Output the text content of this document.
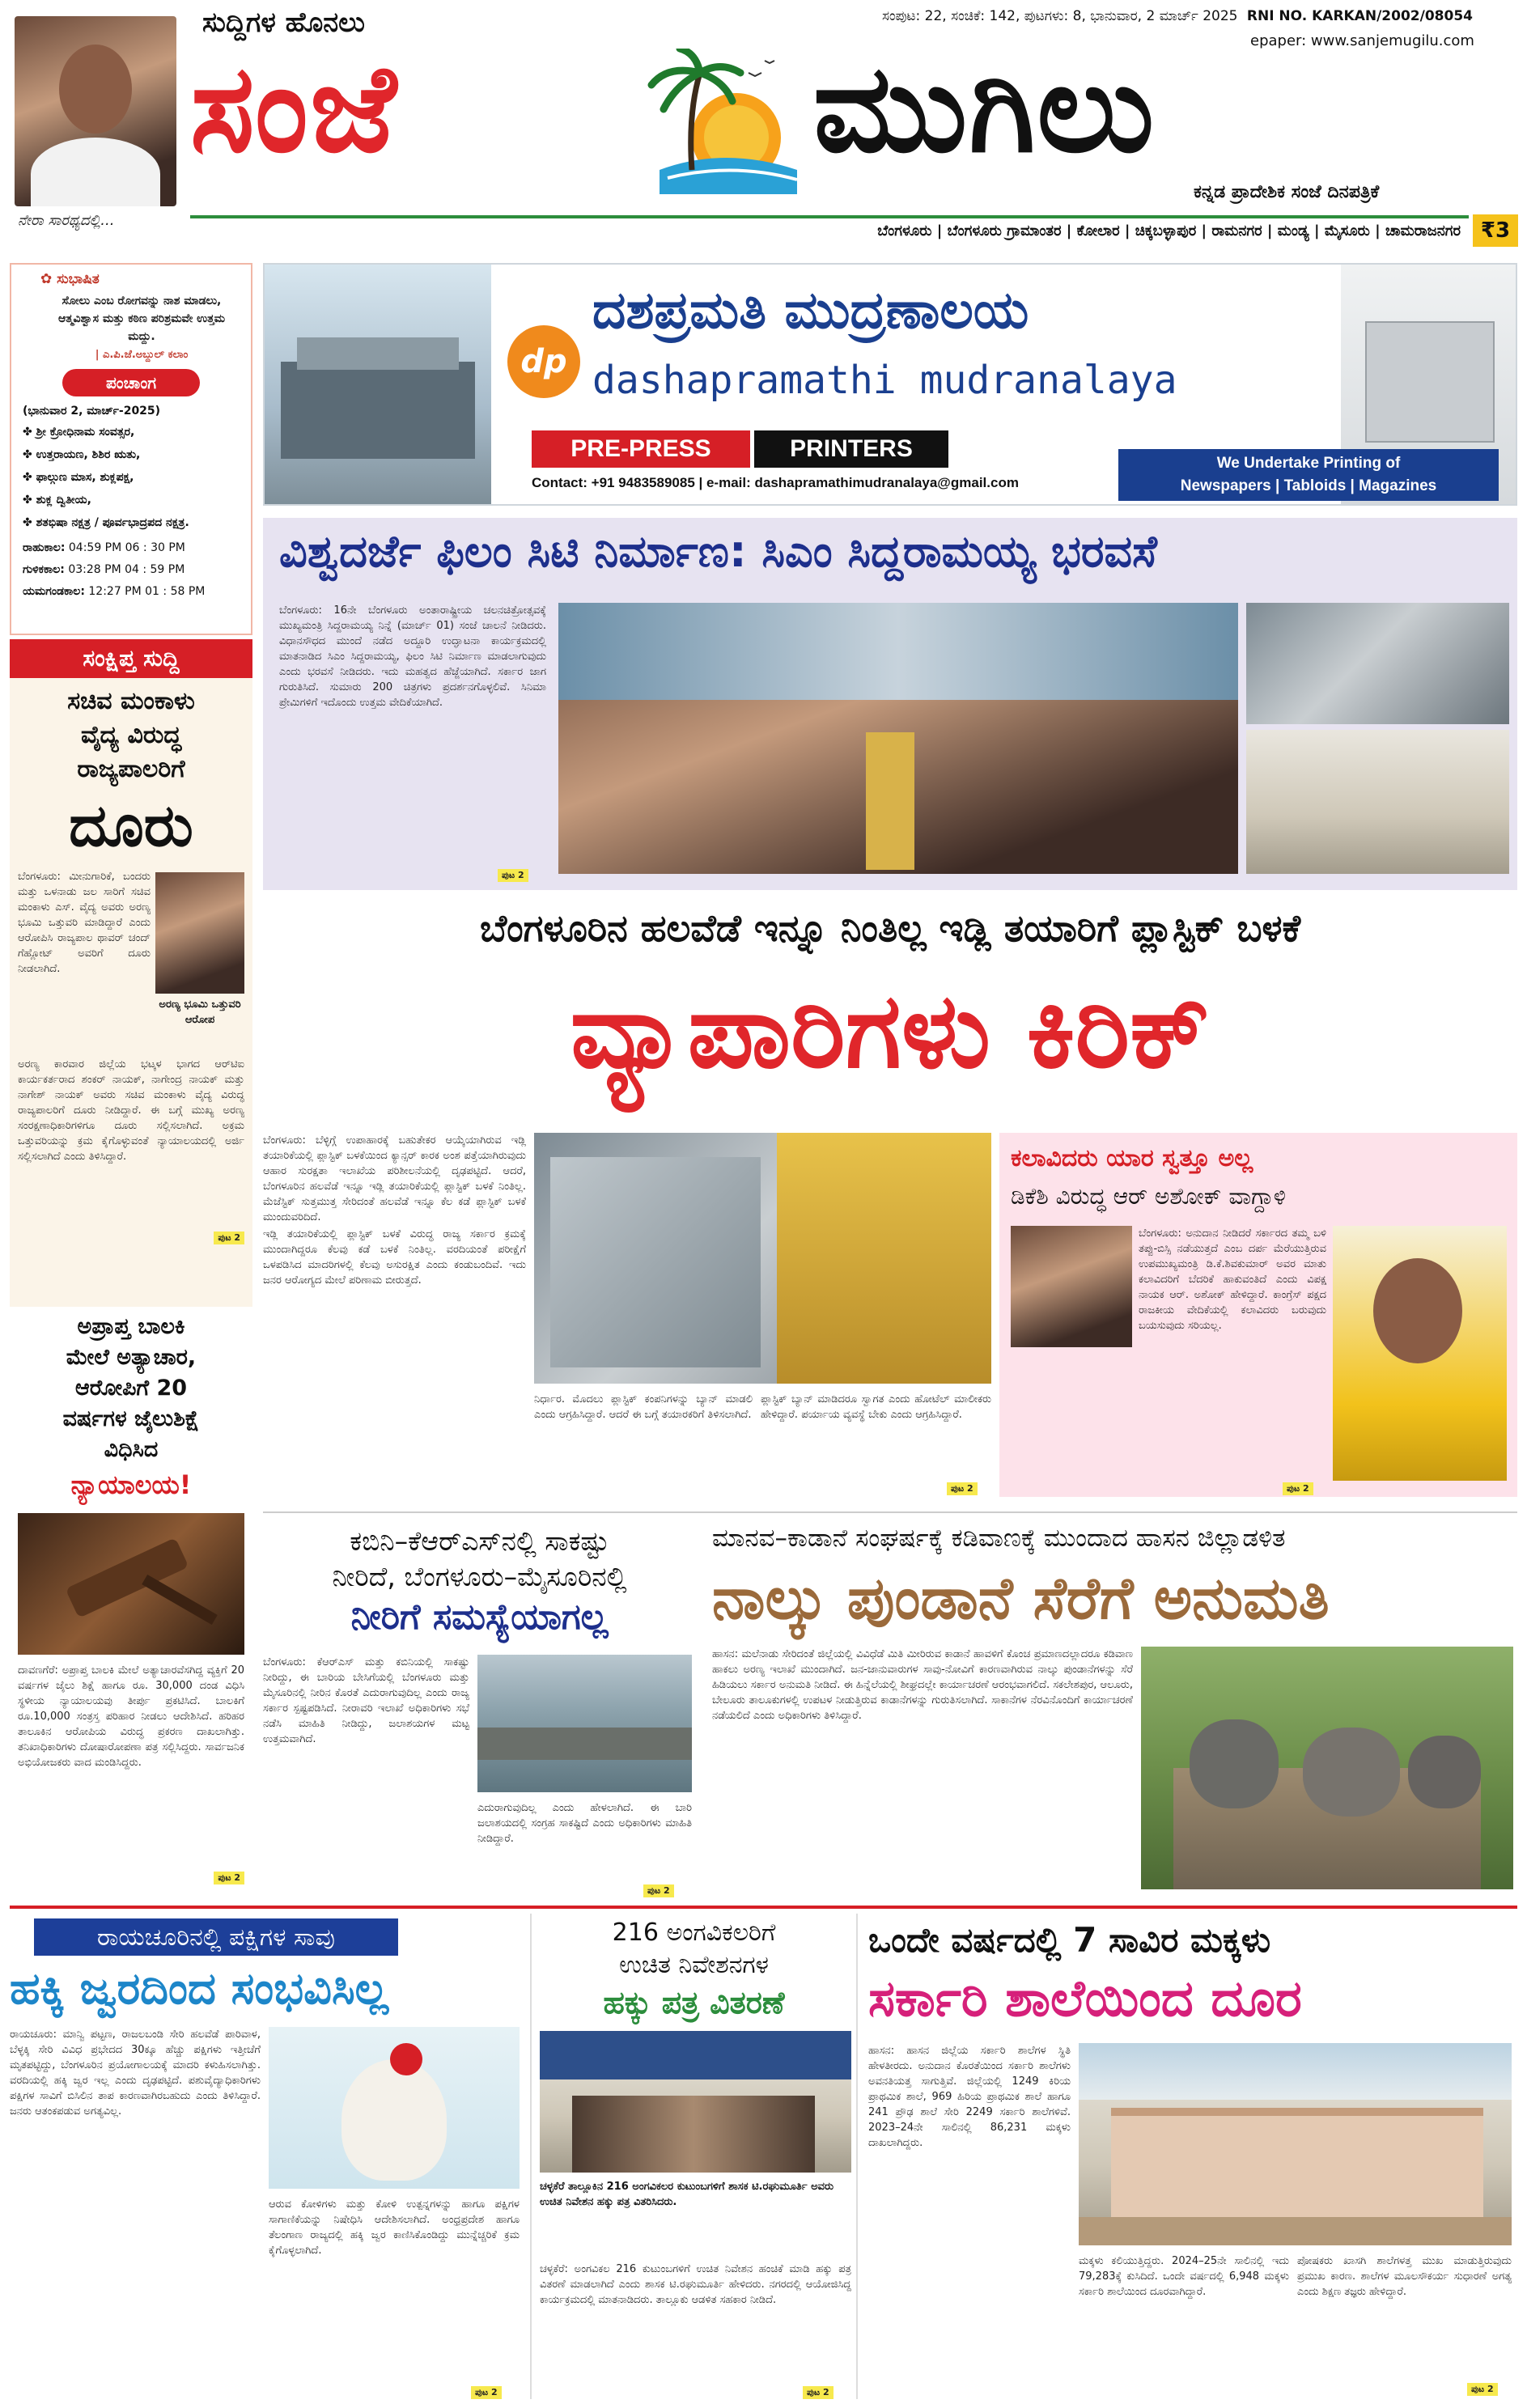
ನೇರಾ ಸಾರಥ್ಯದಲ್ಲಿ...
ಸುದ್ದಿಗಳ ಹೊನಲು
ಸಂಜೆ	ಮುಗಿಲು
ಸಂಪುಟ: 22, ಸಂಚಿಕೆ: 142, ಪುಟಗಳು: 8, ಭಾನುವಾರ, 2 ಮಾರ್ಚ್ 2025 RNI NO. KARKAN/2002/08054
epaper: www.sanjemugilu.com
ಕನ್ನಡ ಪ್ರಾದೇಶಿಕ ಸಂಜೆ ದಿನಪತ್ರಿಕೆ
ಬೆಂಗಳೂರು | ಬೆಂಗಳೂರು ಗ್ರಾಮಾಂತರ | ಕೋಲಾರ | ಚಿಕ್ಕಬಳ್ಳಾಪುರ | ರಾಮನಗರ | ಮಂಡ್ಯ | ಮೈಸೂರು | ಚಾಮರಾಜನಗರ ₹3
✿ ಸುಭಾಷಿತ
ಸೋಲು ಎಂಬ ರೋಗವನ್ನು ನಾಶ ಮಾಡಲು, ಆತ್ಮವಿಶ್ವಾಸ ಮತ್ತು ಕಠಿಣ ಪರಿಶ್ರಮವೇ ಉತ್ತಮ ಮದ್ದು.
| ಎ.ಪಿ.ಜೆ.ಅಬ್ದುಲ್ ಕಲಾಂ
ಪಂಚಾಂಗ
(ಭಾನುವಾರ 2, ಮಾರ್ಚ್-2025)
✤ ಶ್ರೀ ಕ್ರೋಧಿನಾಮ ಸಂವತ್ಸರ,
✤ ಉತ್ತರಾಯಣ, ಶಿಶಿರ ಋತು,
✤ ಫಾಲ್ಗುಣ ಮಾಸ, ಶುಕ್ಲಪಕ್ಷ,
✤ ಶುಕ್ಲ ದ್ವಿತೀಯ,
✤ ಶತಭಿಷಾ ನಕ್ಷತ್ರ / ಪೂರ್ವಭಾದ್ರಪದ ನಕ್ಷತ್ರ.
ರಾಹುಕಾಲ: 04:59 PM 06 : 30 PM
ಗುಳಿಕಕಾಲ: 03:28 PM 04 : 59 PM
ಯಮಗಂಡಕಾಲ: 12:27 PM 01 : 58 PM
ಸಂಕ್ಷಿಪ್ತ ಸುದ್ದಿ
ಸಚಿವ ಮಂಕಾಳು
ವೈದ್ಯ ವಿರುದ್ಧ
ರಾಜ್ಯಪಾಲರಿಗೆ
ದೂರು

ಬೆಂಗಳೂರು: ಮೀನುಗಾರಿಕೆ, ಬಂದರು ಮತ್ತು ಒಳನಾಡು ಜಲ ಸಾರಿಗೆ ಸಚಿವ ಮಂಕಾಳು ಎಸ್. ವೈದ್ಯ ಅವರು ಅರಣ್ಯ ಭೂಮಿ ಒತ್ತುವರಿ ಮಾಡಿದ್ದಾರೆ ಎಂದು ಆರೋಪಿಸಿ ರಾಜ್ಯಪಾಲ ಥಾವರ್ ಚಂದ್ ಗೆಹ್ಲೋಟ್ ಅವರಿಗೆ ದೂರು ನೀಡಲಾಗಿದೆ.

ಅರಣ್ಯ ಭೂಮಿ ಒತ್ತುವರಿ ಆರೋಪ
ಅರಣ್ಯ ಕಾರವಾರ ಜಿಲ್ಲೆಯ ಭಟ್ಕಳ ಭಾಗದ ಆರ್‌ಟಿಐ ಕಾರ್ಯಕರ್ತರಾದ ಶಂಕರ್ ನಾಯಕ್, ನಾಗೇಂದ್ರ ನಾಯಕ್ ಮತ್ತು ನಾಗೇಶ್ ನಾಯಕ್ ಅವರು ಸಚಿವ ಮಂಕಾಳು ವೈದ್ಯ ವಿರುದ್ಧ ರಾಜ್ಯಪಾಲರಿಗೆ ದೂರು ನೀಡಿದ್ದಾರೆ. ಈ ಬಗ್ಗೆ ಮುಖ್ಯ ಅರಣ್ಯ ಸಂರಕ್ಷಣಾಧಿಕಾರಿಗಳಿಗೂ ದೂರು ಸಲ್ಲಿಸಲಾಗಿದೆ. ಅಕ್ರಮ ಒತ್ತುವರಿಯನ್ನು ಕ್ರಮ ಕೈಗೊಳ್ಳುವಂತೆ ನ್ಯಾಯಾಲಯದಲ್ಲಿ ಅರ್ಜಿ ಸಲ್ಲಿಸಲಾಗಿದೆ ಎಂದು ತಿಳಿಸಿದ್ದಾರೆ.
ಪುಟ 2
ಅಪ್ರಾಪ್ತ ಬಾಲಕಿ
ಮೇಲೆ ಅತ್ಯಾಚಾರ,
ಆರೋಪಿಗೆ 20
ವರ್ಷಗಳ ಜೈಲುಶಿಕ್ಷೆ
ವಿಧಿಸಿದ
ನ್ಯಾಯಾಲಯ!
ದಾವಣಗೆರೆ: ಅಪ್ರಾಪ್ತ ಬಾಲಕಿ ಮೇಲೆ ಅತ್ಯಾಚಾರವೆಸಗಿದ್ದ ವ್ಯಕ್ತಿಗೆ 20 ವರ್ಷಗಳ ಜೈಲು ಶಿಕ್ಷೆ ಹಾಗೂ ರೂ. 30,000 ದಂಡ ವಿಧಿಸಿ ಸ್ಥಳೀಯ ನ್ಯಾಯಾಲಯವು ತೀರ್ಪು ಪ್ರಕಟಿಸಿದೆ. ಬಾಲಕಿಗೆ ರೂ.10,000 ಸಂತ್ರಸ್ತ ಪರಿಹಾರ ನೀಡಲು ಆದೇಶಿಸಿದೆ. ಹರಿಹರ ತಾಲೂಕಿನ ಆರೋಪಿಯ ವಿರುದ್ಧ ಪ್ರಕರಣ ದಾಖಲಾಗಿತ್ತು. ತನಿಖಾಧಿಕಾರಿಗಳು ದೋಷಾರೋಪಣಾ ಪತ್ರ ಸಲ್ಲಿಸಿದ್ದರು. ಸಾರ್ವಜನಿಕ ಅಭಿಯೋಜಕರು ವಾದ ಮಂಡಿಸಿದ್ದರು.
ಪುಟ 2
dp
ದಶಪ್ರಮತಿ ಮುದ್ರಣಾಲಯ
dashapramathi mudranalaya
PRE-PRESS	PRINTERS
Contact: +91 9483589085 | e-mail: dashapramathimudranalaya@gmail.com
We Undertake Printing of
Newspapers | Tabloids | Magazines
ವಿಶ್ವದರ್ಜೆ ಫಿಲಂ ಸಿಟಿ ನಿರ್ಮಾಣ: ಸಿಎಂ ಸಿದ್ದರಾಮಯ್ಯ ಭರವಸೆ
ಬೆಂಗಳೂರು: 16ನೇ ಬೆಂಗಳೂರು ಅಂತಾರಾಷ್ಟ್ರೀಯ ಚಲನಚಿತ್ರೋತ್ಸವಕ್ಕೆ ಮುಖ್ಯಮಂತ್ರಿ ಸಿದ್ದರಾಮಯ್ಯ ನಿನ್ನೆ (ಮಾರ್ಚ್ 01) ಸಂಜೆ ಚಾಲನೆ ನೀಡಿದರು. ವಿಧಾನಸೌಧದ ಮುಂದೆ ನಡೆದ ಅದ್ದೂರಿ ಉದ್ಘಾಟನಾ ಕಾರ್ಯಕ್ರಮದಲ್ಲಿ ಮಾತನಾಡಿದ ಸಿಎಂ ಸಿದ್ದರಾಮಯ್ಯ, ಫಿಲಂ ಸಿಟಿ ನಿರ್ಮಾಣ ಮಾಡಲಾಗುವುದು ಎಂದು ಭರವಸೆ ನೀಡಿದರು. ಇದು ಮಹತ್ವದ ಹೆಜ್ಜೆಯಾಗಿದೆ. ಸರ್ಕಾರ ಜಾಗ ಗುರುತಿಸಿದೆ. ಸುಮಾರು 200 ಚಿತ್ರಗಳು ಪ್ರದರ್ಶನಗೊಳ್ಳಲಿವೆ. ಸಿನಿಮಾ ಪ್ರೇಮಿಗಳಿಗೆ ಇದೊಂದು ಉತ್ತಮ ವೇದಿಕೆಯಾಗಿದೆ.
ಪುಟ 2
ಬೆಂಗಳೂರಿನ ಹಲವೆಡೆ ಇನ್ನೂ ನಿಂತಿಲ್ಲ ಇಡ್ಲಿ ತಯಾರಿಗೆ ಪ್ಲಾಸ್ಟಿಕ್ ಬಳಕೆ
ವ್ಯಾಪಾರಿಗಳು ಕಿರಿಕ್

ಬೆಂಗಳೂರು: ಬೆಳ್ಳಿಗ್ಗೆ ಉಪಾಹಾರಕ್ಕೆ ಬಹುತೇಕರ ಆಯ್ಕೆಯಾಗಿರುವ ಇಡ್ಲಿ ತಯಾರಿಕೆಯಲ್ಲಿ ಪ್ಲಾಸ್ಟಿಕ್ ಬಳಕೆಯಿಂದ ಕ್ಯಾನ್ಸರ್ ಕಾರಕ ಅಂಶ ಪತ್ತೆಯಾಗಿರುವುದು ಆಹಾರ ಸುರಕ್ಷತಾ ಇಲಾಖೆಯ ಪರಿಶೀಲನೆಯಲ್ಲಿ ದೃಢಪಟ್ಟಿದೆ. ಆದರೆ, ಬೆಂಗಳೂರಿನ ಹಲವೆಡೆ ಇನ್ನೂ ಇಡ್ಲಿ ತಯಾರಿಕೆಯಲ್ಲಿ ಪ್ಲಾಸ್ಟಿಕ್ ಬಳಕೆ ನಿಂತಿಲ್ಲ. ಮೆಜೆಸ್ಟಿಕ್ ಸುತ್ತಮುತ್ತ ಸೇರಿದಂತೆ ಹಲವೆಡೆ ಇನ್ನೂ ಕೆಲ ಕಡೆ ಪ್ಲಾಸ್ಟಿಕ್ ಬಳಕೆ ಮುಂದುವರಿದಿದೆ.

ಇಡ್ಲಿ ತಯಾರಿಕೆಯಲ್ಲಿ ಪ್ಲಾಸ್ಟಿಕ್ ಬಳಕೆ ವಿರುದ್ಧ ರಾಜ್ಯ ಸರ್ಕಾರ ಕ್ರಮಕ್ಕೆ ಮುಂದಾಗಿದ್ದರೂ ಕೆಲವು ಕಡೆ ಬಳಕೆ ನಿಂತಿಲ್ಲ. ವರದಿಯಂತೆ ಪರೀಕ್ಷೆಗೆ ಒಳಪಡಿಸಿದ ಮಾದರಿಗಳಲ್ಲಿ ಕೆಲವು ಅಸುರಕ್ಷಿತ ಎಂದು ಕಂಡುಬಂದಿವೆ. ಇದು ಜನರ ಆರೋಗ್ಯದ ಮೇಲೆ ಪರಿಣಾಮ ಬೀರುತ್ತದೆ.

ನಿರ್ಧಾರ. ಮೊದಲು ಪ್ಲಾಸ್ಟಿಕ್ ಕಂಪನಿಗಳನ್ನು ಬ್ಯಾನ್ ಮಾಡಲಿ ಎಂದು ಆಗ್ರಹಿಸಿದ್ದಾರೆ. ಆದರೆ ಈ ಬಗ್ಗೆ ತಯಾರಕರಿಗೆ ತಿಳಿಸಲಾಗಿದೆ.
ಪ್ಲಾಸ್ಟಿಕ್ ಬ್ಯಾನ್ ಮಾಡಿದರೂ ಸ್ವಾಗತ ಎಂದು ಹೋಟೆಲ್ ಮಾಲೀಕರು ಹೇಳಿದ್ದಾರೆ. ಪರ್ಯಾಯ ವ್ಯವಸ್ಥೆ ಬೇಕು ಎಂದು ಆಗ್ರಹಿಸಿದ್ದಾರೆ.
ಪುಟ 2
ಕಲಾವಿದರು ಯಾರ ಸ್ವತ್ತೂ ಅಲ್ಲ
ಡಿಕೆಶಿ ವಿರುದ್ಧ ಆರ್ ಅಶೋಕ್ ವಾಗ್ದಾಳಿ

ಬೆಂಗಳೂರು: ಅನುದಾನ ನೀಡಿದರೆ ಸರ್ಕಾರದ ತಮ್ಮ ಬಳಿ ತಪ್ಪು-ಬಿಸ್ಸಿ ನಡೆಯುತ್ತದೆ ಎಂಬ ದರ್ಪ ಮೆರೆಯುತ್ತಿರುವ ಉಪಮುಖ್ಯಮಂತ್ರಿ ಡಿ.ಕೆ.ಶಿವಕುಮಾರ್ ಅವರ ಮಾತು ಕಲಾವಿದರಿಗೆ ಬೆದರಿಕೆ ಹಾಕುವಂತಿದೆ ಎಂದು ವಿಪಕ್ಷ ನಾಯಕ ಆರ್. ಅಶೋಕ್ ಹೇಳಿದ್ದಾರೆ. ಕಾಂಗ್ರೆಸ್ ಪಕ್ಷದ ರಾಜಕೀಯ ವೇದಿಕೆಯಲ್ಲಿ ಕಲಾವಿದರು ಬರುವುದು ಬಯಸುವುದು ಸರಿಯಲ್ಲ.

ಪುಟ 2
ಕಬಿನಿ–ಕೆಆರ್‌ಎಸ್‌ನಲ್ಲಿ ಸಾಕಷ್ಟು
ನೀರಿದೆ, ಬೆಂಗಳೂರು–ಮೈಸೂರಿನಲ್ಲಿ
ನೀರಿಗೆ ಸಮಸ್ಯೆಯಾಗಲ್ಲ
ಬೆಂಗಳೂರು: ಕೆಆರ್‌ಎಸ್ ಮತ್ತು ಕಬಿನಿಯಲ್ಲಿ ಸಾಕಷ್ಟು ನೀರಿದ್ದು, ಈ ಬಾರಿಯ ಬೇಸಿಗೆಯಲ್ಲಿ ಬೆಂಗಳೂರು ಮತ್ತು ಮೈಸೂರಿನಲ್ಲಿ ನೀರಿನ ಕೊರತೆ ಎದುರಾಗುವುದಿಲ್ಲ ಎಂದು ರಾಜ್ಯ ಸರ್ಕಾರ ಸ್ಪಷ್ಟಪಡಿಸಿದೆ. ನೀರಾವರಿ ಇಲಾಖೆ ಅಧಿಕಾರಿಗಳು ಸಭೆ ನಡೆಸಿ ಮಾಹಿತಿ ನೀಡಿದ್ದು, ಜಲಾಶಯಗಳ ಮಟ್ಟ ಉತ್ತಮವಾಗಿದೆ.
ಎದುರಾಗುವುದಿಲ್ಲ ಎಂದು ಹೇಳಲಾಗಿದೆ. ಈ ಬಾರಿ ಜಲಾಶಯದಲ್ಲಿ ಸಂಗ್ರಹ ಸಾಕಷ್ಟಿದೆ ಎಂದು ಅಧಿಕಾರಿಗಳು ಮಾಹಿತಿ ನೀಡಿದ್ದಾರೆ.
ಪುಟ 2
ಮಾನವ–ಕಾಡಾನೆ ಸಂಘರ್ಷಕ್ಕೆ ಕಡಿವಾಣಕ್ಕೆ ಮುಂದಾದ ಹಾಸನ ಜಿಲ್ಲಾಡಳಿತ
ನಾಲ್ಕು ಪುಂಡಾನೆ ಸೆರೆಗೆ ಅನುಮತಿ
ಹಾಸನ: ಮಲೆನಾಡು ಸೇರಿದಂತೆ ಜಿಲ್ಲೆಯಲ್ಲಿ ವಿವಿಧೆಡೆ ಮಿತಿ ಮೀರಿರುವ ಕಾಡಾನೆ ಹಾವಳಿಗೆ ಕೊಂಚ ಪ್ರಮಾಣದಲ್ಲಾದರೂ ಕಡಿವಾಣ ಹಾಕಲು ಅರಣ್ಯ ಇಲಾಖೆ ಮುಂದಾಗಿದೆ. ಜನ-ಜಾನುವಾರುಗಳ ಸಾವು-ನೋವಿಗೆ ಕಾರಣವಾಗಿರುವ ನಾಲ್ಕು ಪುಂಡಾನೆಗಳನ್ನು ಸೆರೆ ಹಿಡಿಯಲು ಸರ್ಕಾರ ಅನುಮತಿ ನೀಡಿದೆ. ಈ ಹಿನ್ನೆಲೆಯಲ್ಲಿ ಶೀಘ್ರದಲ್ಲೇ ಕಾರ್ಯಾಚರಣೆ ಆರಂಭವಾಗಲಿದೆ. ಸಕಲೇಶಪುರ, ಆಲೂರು, ಬೇಲೂರು ತಾಲೂಕುಗಳಲ್ಲಿ ಉಪಟಳ ನೀಡುತ್ತಿರುವ ಕಾಡಾನೆಗಳನ್ನು ಗುರುತಿಸಲಾಗಿದೆ. ಸಾಕಾನೆಗಳ ನೆರವಿನೊಂದಿಗೆ ಕಾರ್ಯಾಚರಣೆ ನಡೆಯಲಿದೆ ಎಂದು ಅಧಿಕಾರಿಗಳು ತಿಳಿಸಿದ್ದಾರೆ.
ರಾಯಚೂರಿನಲ್ಲಿ ಪಕ್ಷಿಗಳ ಸಾವು
ಹಕ್ಕಿ ಜ್ವರದಿಂದ ಸಂಭವಿಸಿಲ್ಲ
ರಾಯಚೂರು: ಮಾನ್ವಿ ಪಟ್ಟಣ, ರಾಜಲಬಂಡಿ ಸೇರಿ ಹಲವೆಡೆ ಪಾರಿವಾಳ, ಬೆಳ್ಳಕ್ಕಿ ಸೇರಿ ವಿವಿಧ ಪ್ರಭೇದದ 30ಕ್ಕೂ ಹೆಚ್ಚು ಪಕ್ಷಿಗಳು ಇತ್ತೀಚೆಗೆ ಮೃತಪಟ್ಟಿದ್ದು, ಬೆಂಗಳೂರಿನ ಪ್ರಯೋಗಾಲಯಕ್ಕೆ ಮಾದರಿ ಕಳುಹಿಸಲಾಗಿತ್ತು. ವರದಿಯಲ್ಲಿ ಹಕ್ಕಿ ಜ್ವರ ಇಲ್ಲ ಎಂದು ದೃಢಪಟ್ಟಿದೆ. ಪಶುವೈದ್ಯಾಧಿಕಾರಿಗಳು ಪಕ್ಷಿಗಳ ಸಾವಿಗೆ ಬಿಸಿಲಿನ ತಾಪ ಕಾರಣವಾಗಿರಬಹುದು ಎಂದು ತಿಳಿಸಿದ್ದಾರೆ. ಜನರು ಆತಂಕಪಡುವ ಅಗತ್ಯವಿಲ್ಲ.
ಆರುವ ಕೋಳಿಗಳು ಮತ್ತು ಕೋಳಿ ಉತ್ಪನ್ನಗಳನ್ನು ಹಾಗೂ ಪಕ್ಷಿಗಳ ಸಾಗಾಣಿಕೆಯನ್ನು ನಿಷೇಧಿಸಿ ಆದೇಶಿಸಲಾಗಿದೆ. ಅಂಧ್ರಪ್ರದೇಶ ಹಾಗೂ ತೆಲಂಗಾಣ ರಾಜ್ಯದಲ್ಲಿ ಹಕ್ಕಿ ಜ್ವರ ಕಾಣಿಸಿಕೊಂಡಿದ್ದು ಮುನ್ನೆಚ್ಚರಿಕೆ ಕ್ರಮ ಕೈಗೊಳ್ಳಲಾಗಿದೆ.
ಪುಟ 2
216 ಅಂಗವಿಕಲರಿಗೆ
ಉಚಿತ ನಿವೇಶನಗಳ
ಹಕ್ಕು ಪತ್ರ ವಿತರಣೆ
ಚಳ್ಳಕೆರೆ ತಾಲ್ಲೂಕಿನ 216 ಅಂಗವಿಕಲರ ಕುಟುಂಬಗಳಿಗೆ ಶಾಸಕ ಟಿ.ರಘುಮೂರ್ತಿ ಅವರು ಉಚಿತ ನಿವೇಶನ ಹಕ್ಕು ಪತ್ರ ವಿತರಿಸಿದರು.
ಚಳ್ಳಕೆರೆ: ಅಂಗವಿಕಲ 216 ಕುಟುಂಬಗಳಿಗೆ ಉಚಿತ ನಿವೇಶನ ಹಂಚಿಕೆ ಮಾಡಿ ಹಕ್ಕು ಪತ್ರ ವಿತರಣೆ ಮಾಡಲಾಗಿದೆ ಎಂದು ಶಾಸಕ ಟಿ.ರಘುಮೂರ್ತಿ ಹೇಳಿದರು. ನಗರದಲ್ಲಿ ಆಯೋಜಿಸಿದ್ದ ಕಾರ್ಯಕ್ರಮದಲ್ಲಿ ಮಾತನಾಡಿದರು. ತಾಲ್ಲೂಕು ಆಡಳಿತ ಸಹಕಾರ ನೀಡಿದೆ.
ಪುಟ 2
ಒಂದೇ ವರ್ಷದಲ್ಲಿ 7 ಸಾವಿರ ಮಕ್ಕಳು
ಸರ್ಕಾರಿ ಶಾಲೆಯಿಂದ ದೂರ
ಹಾಸನ: ಹಾಸನ ಜಿಲ್ಲೆಯ ಸರ್ಕಾರಿ ಶಾಲೆಗಳ ಸ್ಥಿತಿ ಹೇಳತೀರದು. ಅನುದಾನ ಕೊರತೆಯಿಂದ ಸರ್ಕಾರಿ ಶಾಲೆಗಳು ಅವನತಿಯತ್ತ ಸಾಗುತ್ತಿವೆ. ಜಿಲ್ಲೆಯಲ್ಲಿ 1249 ಕಿರಿಯ ಪ್ರಾಥಮಿಕ ಶಾಲೆ, 969 ಹಿರಿಯ ಪ್ರಾಥಮಿಕ ಶಾಲೆ ಹಾಗೂ 241 ಪ್ರೌಢ ಶಾಲೆ ಸೇರಿ 2249 ಸರ್ಕಾರಿ ಶಾಲೆಗಳಿವೆ. 2023–24ನೇ ಸಾಲಿನಲ್ಲಿ 86,231 ಮಕ್ಕಳು ದಾಖಲಾಗಿದ್ದರು.
ಮಕ್ಕಳು ಕಲಿಯುತ್ತಿದ್ದರು. 2024–25ನೇ ಸಾಲಿನಲ್ಲಿ ಇದು 79,283ಕ್ಕೆ ಕುಸಿದಿದೆ. ಒಂದೇ ವರ್ಷದಲ್ಲಿ 6,948 ಮಕ್ಕಳು ಸರ್ಕಾರಿ ಶಾಲೆಯಿಂದ ದೂರವಾಗಿದ್ದಾರೆ.
ಪೋಷಕರು ಖಾಸಗಿ ಶಾಲೆಗಳತ್ತ ಮುಖ ಮಾಡುತ್ತಿರುವುದು ಪ್ರಮುಖ ಕಾರಣ. ಶಾಲೆಗಳ ಮೂಲಸೌಕರ್ಯ ಸುಧಾರಣೆ ಅಗತ್ಯ ಎಂದು ಶಿಕ್ಷಣ ತಜ್ಞರು ಹೇಳಿದ್ದಾರೆ.
ಪುಟ 2
